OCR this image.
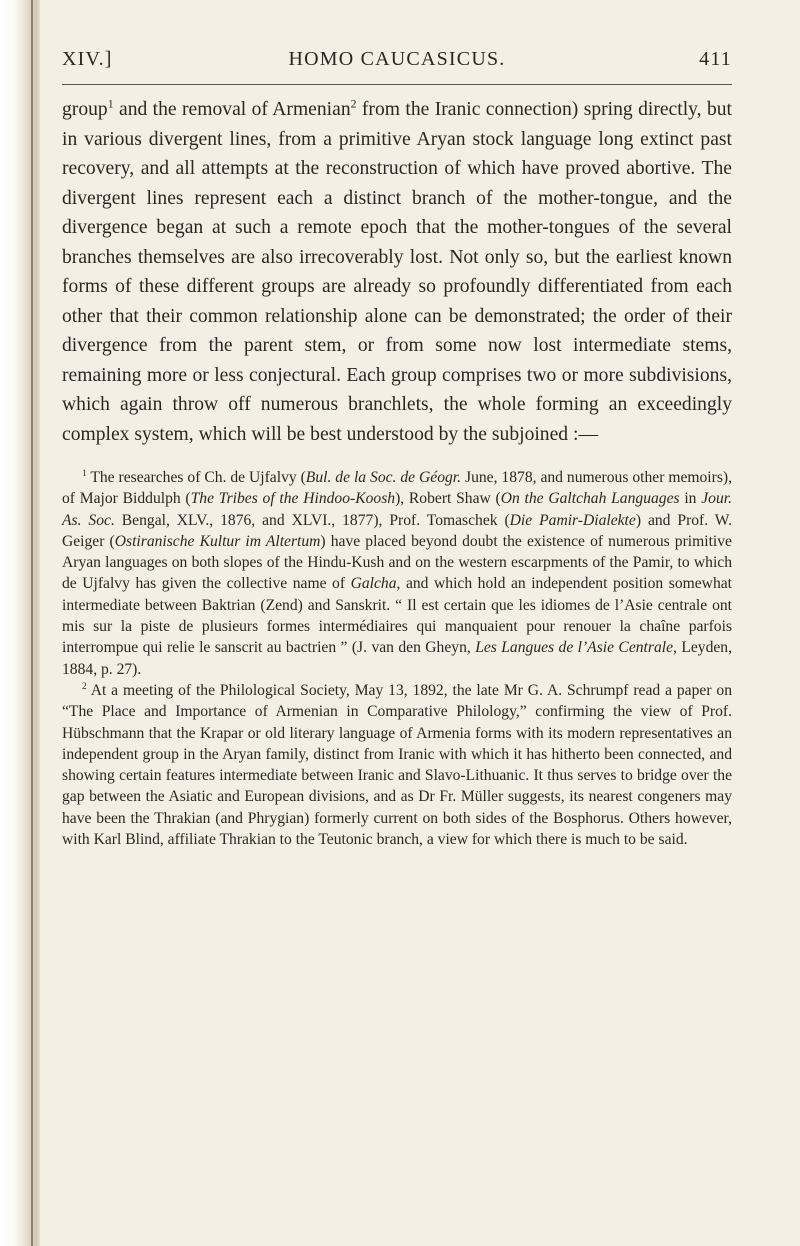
XIV.]	HOMO CAUCASICUS.	411

group$^1$ and the removal of Armenian$^2$ from the Iranic connection) spring directly, but in various divergent lines, from a primitive Aryan stock language long extinct past recovery, and all attempts at the reconstruction of which have proved abortive. The divergent lines represent each a distinct branch of the mother-tongue, and the divergence began at such a remote epoch that the mother-tongues of the several branches themselves are also irrecoverably lost. Not only so, but the earliest known forms of these different groups are already so profoundly differentiated from each other that their common relationship alone can be demonstrated; the order of their divergence from the parent stem, or from some now lost intermediate stems, remaining more or less conjectural. Each group comprises two or more subdivisions, which again throw off numerous branchlets, the whole forming an exceedingly complex system, which will be best understood by the subjoined :—

$^1$ The researches of Ch. de Ujfalvy (Bul. de la Soc. de Géogr. June, 1878, and numerous other memoirs), of Major Biddulph (The Tribes of the Hindoo-Koosh), Robert Shaw (On the Galtchah Languages in Jour. As. Soc. Bengal, XLV., 1876, and XLVI., 1877), Prof. Tomaschek (Die Pamir-Dialekte) and Prof. W. Geiger (Ostiranische Kultur im Altertum) have placed beyond doubt the existence of numerous primitive Aryan languages on both slopes of the Hindu-Kush and on the western escarpments of the Pamir, to which de Ujfalvy has given the collective name of Galcha, and which hold an independent position somewhat intermediate between Baktrian (Zend) and Sanskrit. “ Il est certain que les idiomes de l’Asie centrale ont mis sur la piste de plusieurs formes intermédiaires qui manquaient pour renouer la chaîne parfois interrompue qui relie le sanscrit au bactrien ” (J. van den Gheyn, Les Langues de l’Asie Centrale, Leyden, 1884, p. 27).

$^2$ At a meeting of the Philological Society, May 13, 1892, the late Mr G. A. Schrumpf read a paper on “The Place and Importance of Armenian in Comparative Philology,” confirming the view of Prof. Hübschmann that the Krapar or old literary language of Armenia forms with its modern representatives an independent group in the Aryan family, distinct from Iranic with which it has hitherto been connected, and showing certain features intermediate between Iranic and Slavo-Lithuanic. It thus serves to bridge over the gap between the Asiatic and European divisions, and as Dr Fr. Müller suggests, its nearest congeners may have been the Thrakian (and Phrygian) formerly current on both sides of the Bosphorus. Others however, with Karl Blind, affiliate Thrakian to the Teutonic branch, a view for which there is much to be said.
